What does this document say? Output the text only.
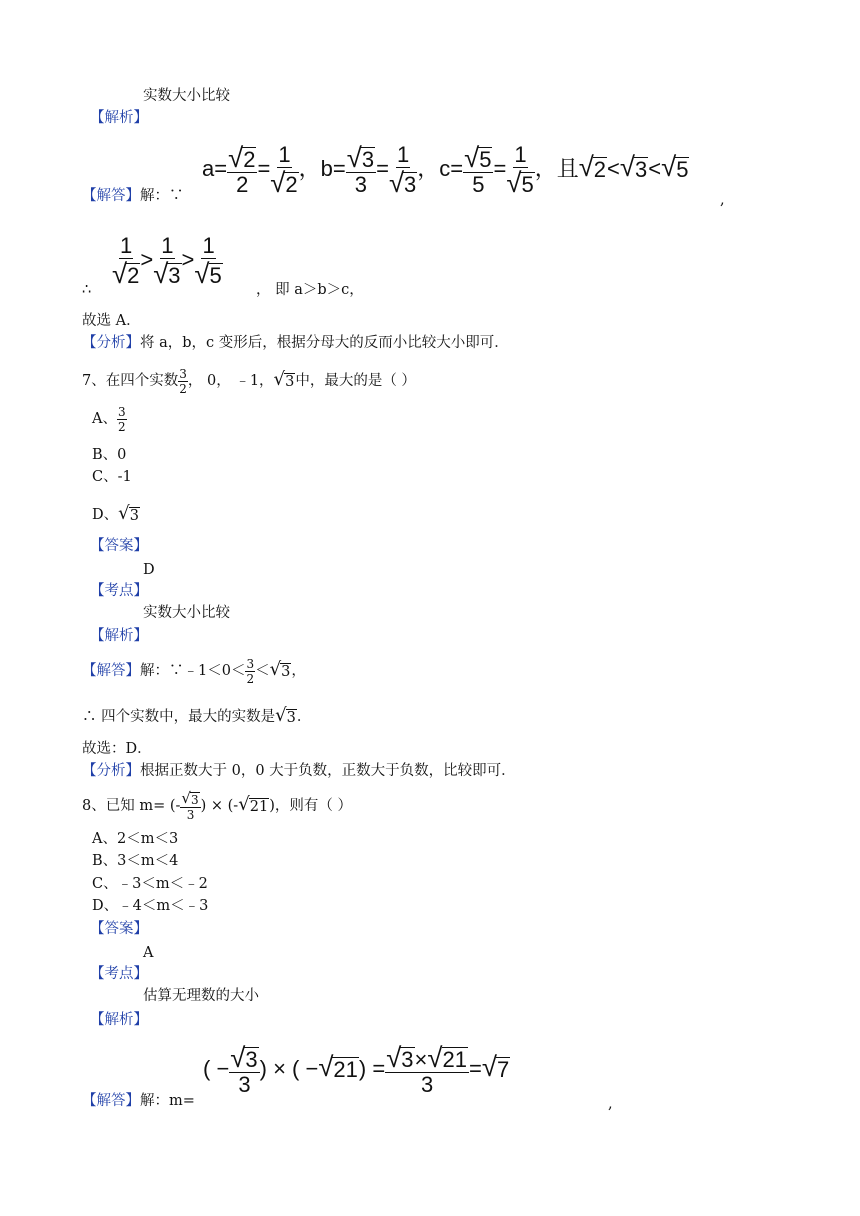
实数大小比较
【解析】
【解答】解：∵
$a= \frac{√ 2}{2} = \frac{1}{√ 2}$ ，$b= \frac{√ 3}{3} = \frac{1}{√ 3}$ ，$c= \frac{√ 5}{5} = \frac{1}{√ 5}$ ，且 √ 2 < √ 3 < √ 5
,
∴
$\frac{1}{√ 2} > \frac{1}{√ 3} > \frac{1}{√ 5}$
， 即 a＞b＞c，
故选 A．
【分析】将 a，b，c 变形后，根据分母大的反而小比较大小即可．
7、在四个实数 $\frac{3}{2}$ ， 0， ﹣1， √ 3 中，最大的是（ ）
A、 $\frac{3}{2}$
B、0
C、-1
D、 √ 3
【答案】
D
【考点】
实数大小比较
【解析】
【解答】解：∵﹣1＜0＜ $\frac{3}{2}$ ＜ √ 3 ，
∴ 四个实数中，最大的实数是 √ 3 ．
故选：D．
【分析】根据正数大于 0，0 大于负数，正数大于负数，比较即可．
8、已知 m= (- $\frac{√ 3}{3}$ ) × (- √ 21 )，则有（ ）
A、2＜m＜3
B、3＜m＜4
C、﹣3＜m＜﹣2
D、﹣4＜m＜﹣3
【答案】
A
【考点】
估算无理数的大小
【解析】
【解答】解：m=
( − $\frac{√ 3}{3}$ ) × ( − √ 21 ) = $\frac{√ 3 \times √ 21}{3}$ = √ 7
,
